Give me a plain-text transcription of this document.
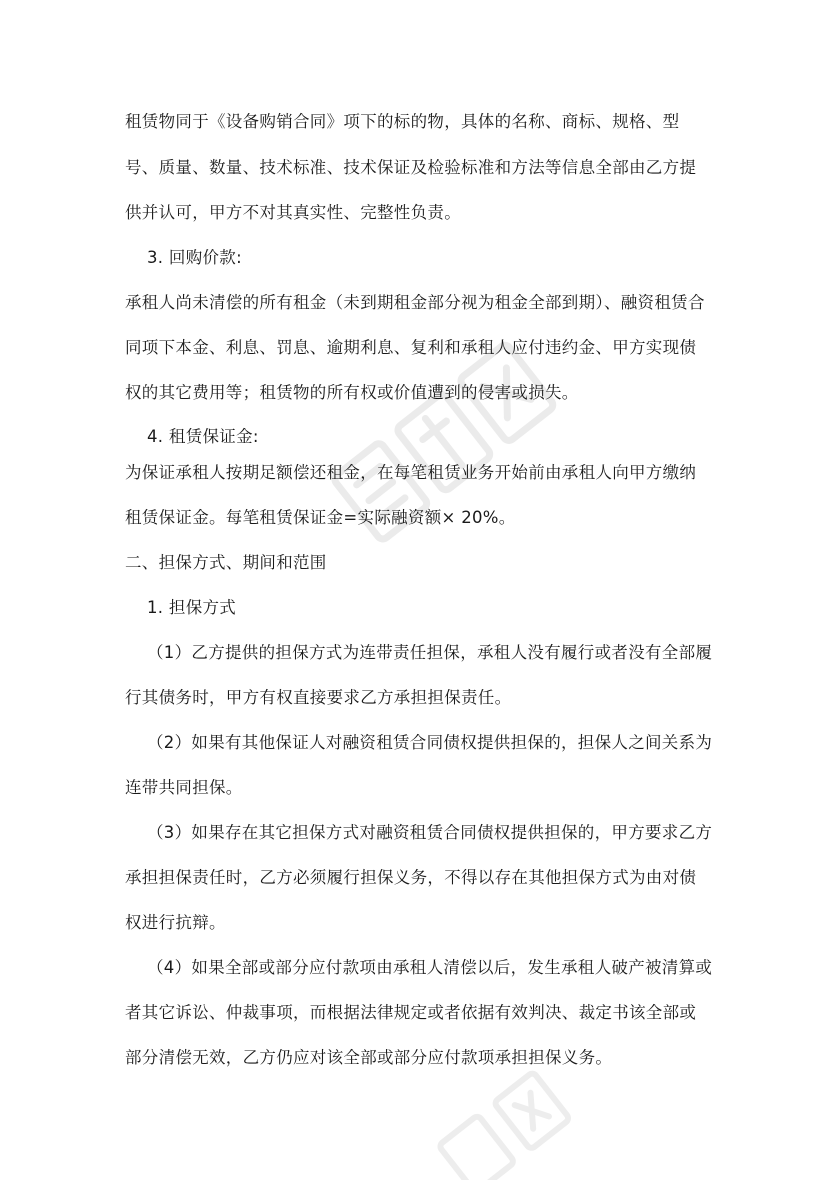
租赁物同于《设备购销合同》项下的标的物，具体的名称、商标、规格、型
号、质量、数量、技术标准、技术保证及检验标准和方法等信息全部由乙方提
供并认可，甲方不对其真实性、完整性负责。
3. 回购价款:
承租人尚未清偿的所有租金（未到期租金部分视为租金全部到期）、融资租赁合
同项下本金、利息、罚息、逾期利息、复利和承租人应付违约金、甲方实现债
权的其它费用等；租赁物的所有权或价值遭到的侵害或损失。
4. 租赁保证金:
为保证承租人按期足额偿还租金，在每笔租赁业务开始前由承租人向甲方缴纳
租赁保证金。每笔租赁保证金=实际融资额× 20%。
二、担保方式、期间和范围
1. 担保方式
（1）乙方提供的担保方式为连带责任担保，承租人没有履行或者没有全部履
行其债务时，甲方有权直接要求乙方承担担保责任。
（2）如果有其他保证人对融资租赁合同债权提供担保的，担保人之间关系为
连带共同担保。
（3）如果存在其它担保方式对融资租赁合同债权提供担保的，甲方要求乙方
承担担保责任时，乙方必须履行担保义务，不得以存在其他担保方式为由对债
权进行抗辩。
（4）如果全部或部分应付款项由承租人清偿以后，发生承租人破产被清算或
者其它诉讼、仲裁事项，而根据法律规定或者依据有效判决、裁定书该全部或
部分清偿无效，乙方仍应对该全部或部分应付款项承担担保义务。
